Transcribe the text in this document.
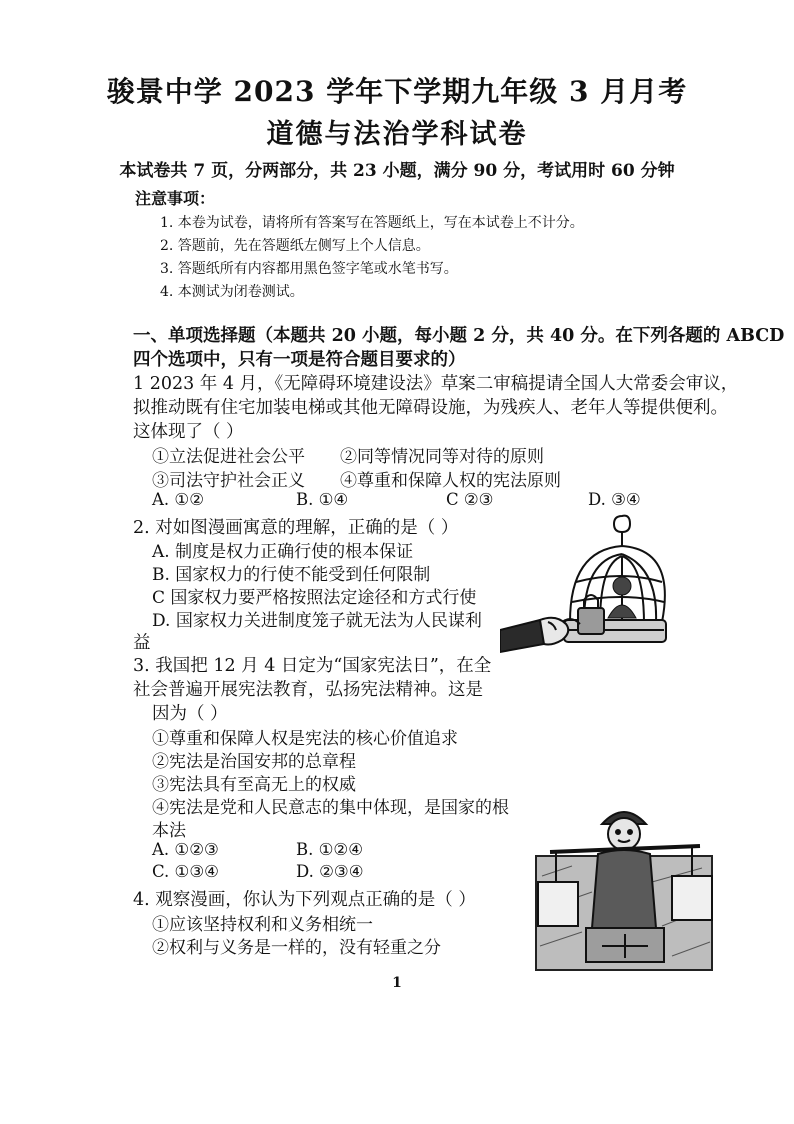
骏景中学 2023 学年下学期九年级 3 月月考
道德与法治学科试卷
本试卷共 7 页，分两部分，共 23 小题，满分 90 分，考试用时 60 分钟
注意事项：
1. 本卷为试卷，请将所有答案写在答题纸上，写在本试卷上不计分。
2. 答题前，先在答题纸左侧写上个人信息。
3. 答题纸所有内容都用黑色签字笔或水笔书写。
4. 本测试为闭卷测试。
一、单项选择题（本题共 20 小题，每小题 2 分，共 40 分。在下列各题的 ABCD
四个选项中，只有一项是符合题目要求的）
1 2023 年 4 月，《无障碍环境建设法》草案二审稿提请全国人大常委会审议，
拟推动既有住宅加装电梯或其他无障碍设施，为残疾人、老年人等提供便利。
这体现了（ ）
①立法促进社会公平 ②同等情况同等对待的原则
③司法守护社会正义 ④尊重和保障人权的宪法原则
A. ①②	B. ①④	C ②③	D. ③④
2. 对如图漫画寓意的理解，正确的是（ ）
A. 制度是权力正确行使的根本保证
B. 国家权力的行使不能受到任何限制
C 国家权力要严格按照法定途径和方式行使
D. 国家权力关进制度笼子就无法为人民谋利
益
3. 我国把 12 月 4 日定为“国家宪法日”，在全
社会普遍开展宪法教育，弘扬宪法精神。这是
因为（ ）
①尊重和保障人权是宪法的核心价值追求
②宪法是治国安邦的总章程
③宪法具有至高无上的权威
④宪法是党和人民意志的集中体现，是国家的根
本法
A. ①②③	B. ①②④
C. ①③④	D. ②③④
4. 观察漫画，你认为下列观点正确的是（ ）
①应该坚持权利和义务相统一
②权利与义务是一样的，没有轻重之分
1
